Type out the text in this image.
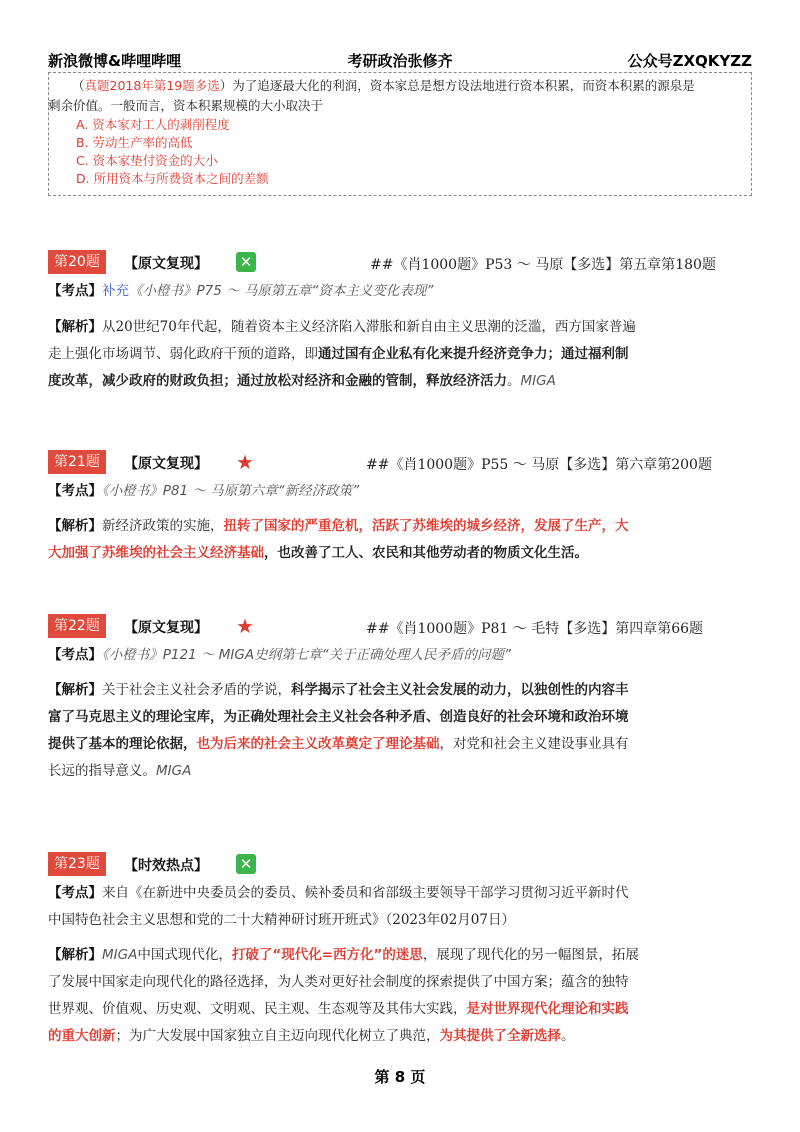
新浪微博&哔哩哔哩	考研政治张修齐	公众号ZXQKYZZ
（真题2018年第19题多选）为了追逐最大化的利润，资本家总是想方设法地进行资本积累，而资本积累的源泉是
剩余价值。一般而言，资本积累规模的大小取决于
A. 资本家对工人的剥削程度
B. 劳动生产率的高低
C. 资本家垫付资金的大小
D. 所用资本与所费资本之间的差额
第20题	【原文复现】 ✕	##《肖1000题》P53 ～ 马原【多选】第五章第180题
【考点】补充《小橙书》P75 ～ 马原第五章“资本主义变化表现”
【解析】从20世纪70年代起，随着资本主义经济陷入滞胀和新自由主义思潮的泛滥，西方国家普遍
走上强化市场调节、弱化政府干预的道路，即通过国有企业私有化来提升经济竞争力；通过福利制
度改革，减少政府的财政负担；通过放松对经济和金融的管制，释放经济活力。MIGA
第21题	【原文复现】 ★	##《肖1000题》P55 ～ 马原【多选】第六章第200题
【考点】《小橙书》P81 ～ 马原第六章“新经济政策”
【解析】新经济政策的实施，扭转了国家的严重危机，活跃了苏维埃的城乡经济，发展了生产，大
大加强了苏维埃的社会主义经济基础，也改善了工人、农民和其他劳动者的物质文化生活。
第22题	【原文复现】 ★	##《肖1000题》P81 ～ 毛特【多选】第四章第66题
【考点】《小橙书》P121 ～ MIGA史纲第七章“关于正确处理人民矛盾的问题”
【解析】关于社会主义社会矛盾的学说，科学揭示了社会主义社会发展的动力，以独创性的内容丰
富了马克思主义的理论宝库，为正确处理社会主义社会各种矛盾、创造良好的社会环境和政治环境
提供了基本的理论依据，也为后来的社会主义改革奠定了理论基础，对党和社会主义建设事业具有
长远的指导意义。MIGA
第23题	【时效热点】 ✕
【考点】来自《在新进中央委员会的委员、候补委员和省部级主要领导干部学习贯彻习近平新时代
中国特色社会主义思想和党的二十大精神研讨班开班式》（2023年02月07日）
【解析】MIGA中国式现代化，打破了“现代化=西方化”的迷思，展现了现代化的另一幅图景，拓展
了发展中国家走向现代化的路径选择，为人类对更好社会制度的探索提供了中国方案；蕴含的独特
世界观、价值观、历史观、文明观、民主观、生态观等及其伟大实践，是对世界现代化理论和实践
的重大创新；为广大发展中国家独立自主迈向现代化树立了典范，为其提供了全新选择。
第 8 页
